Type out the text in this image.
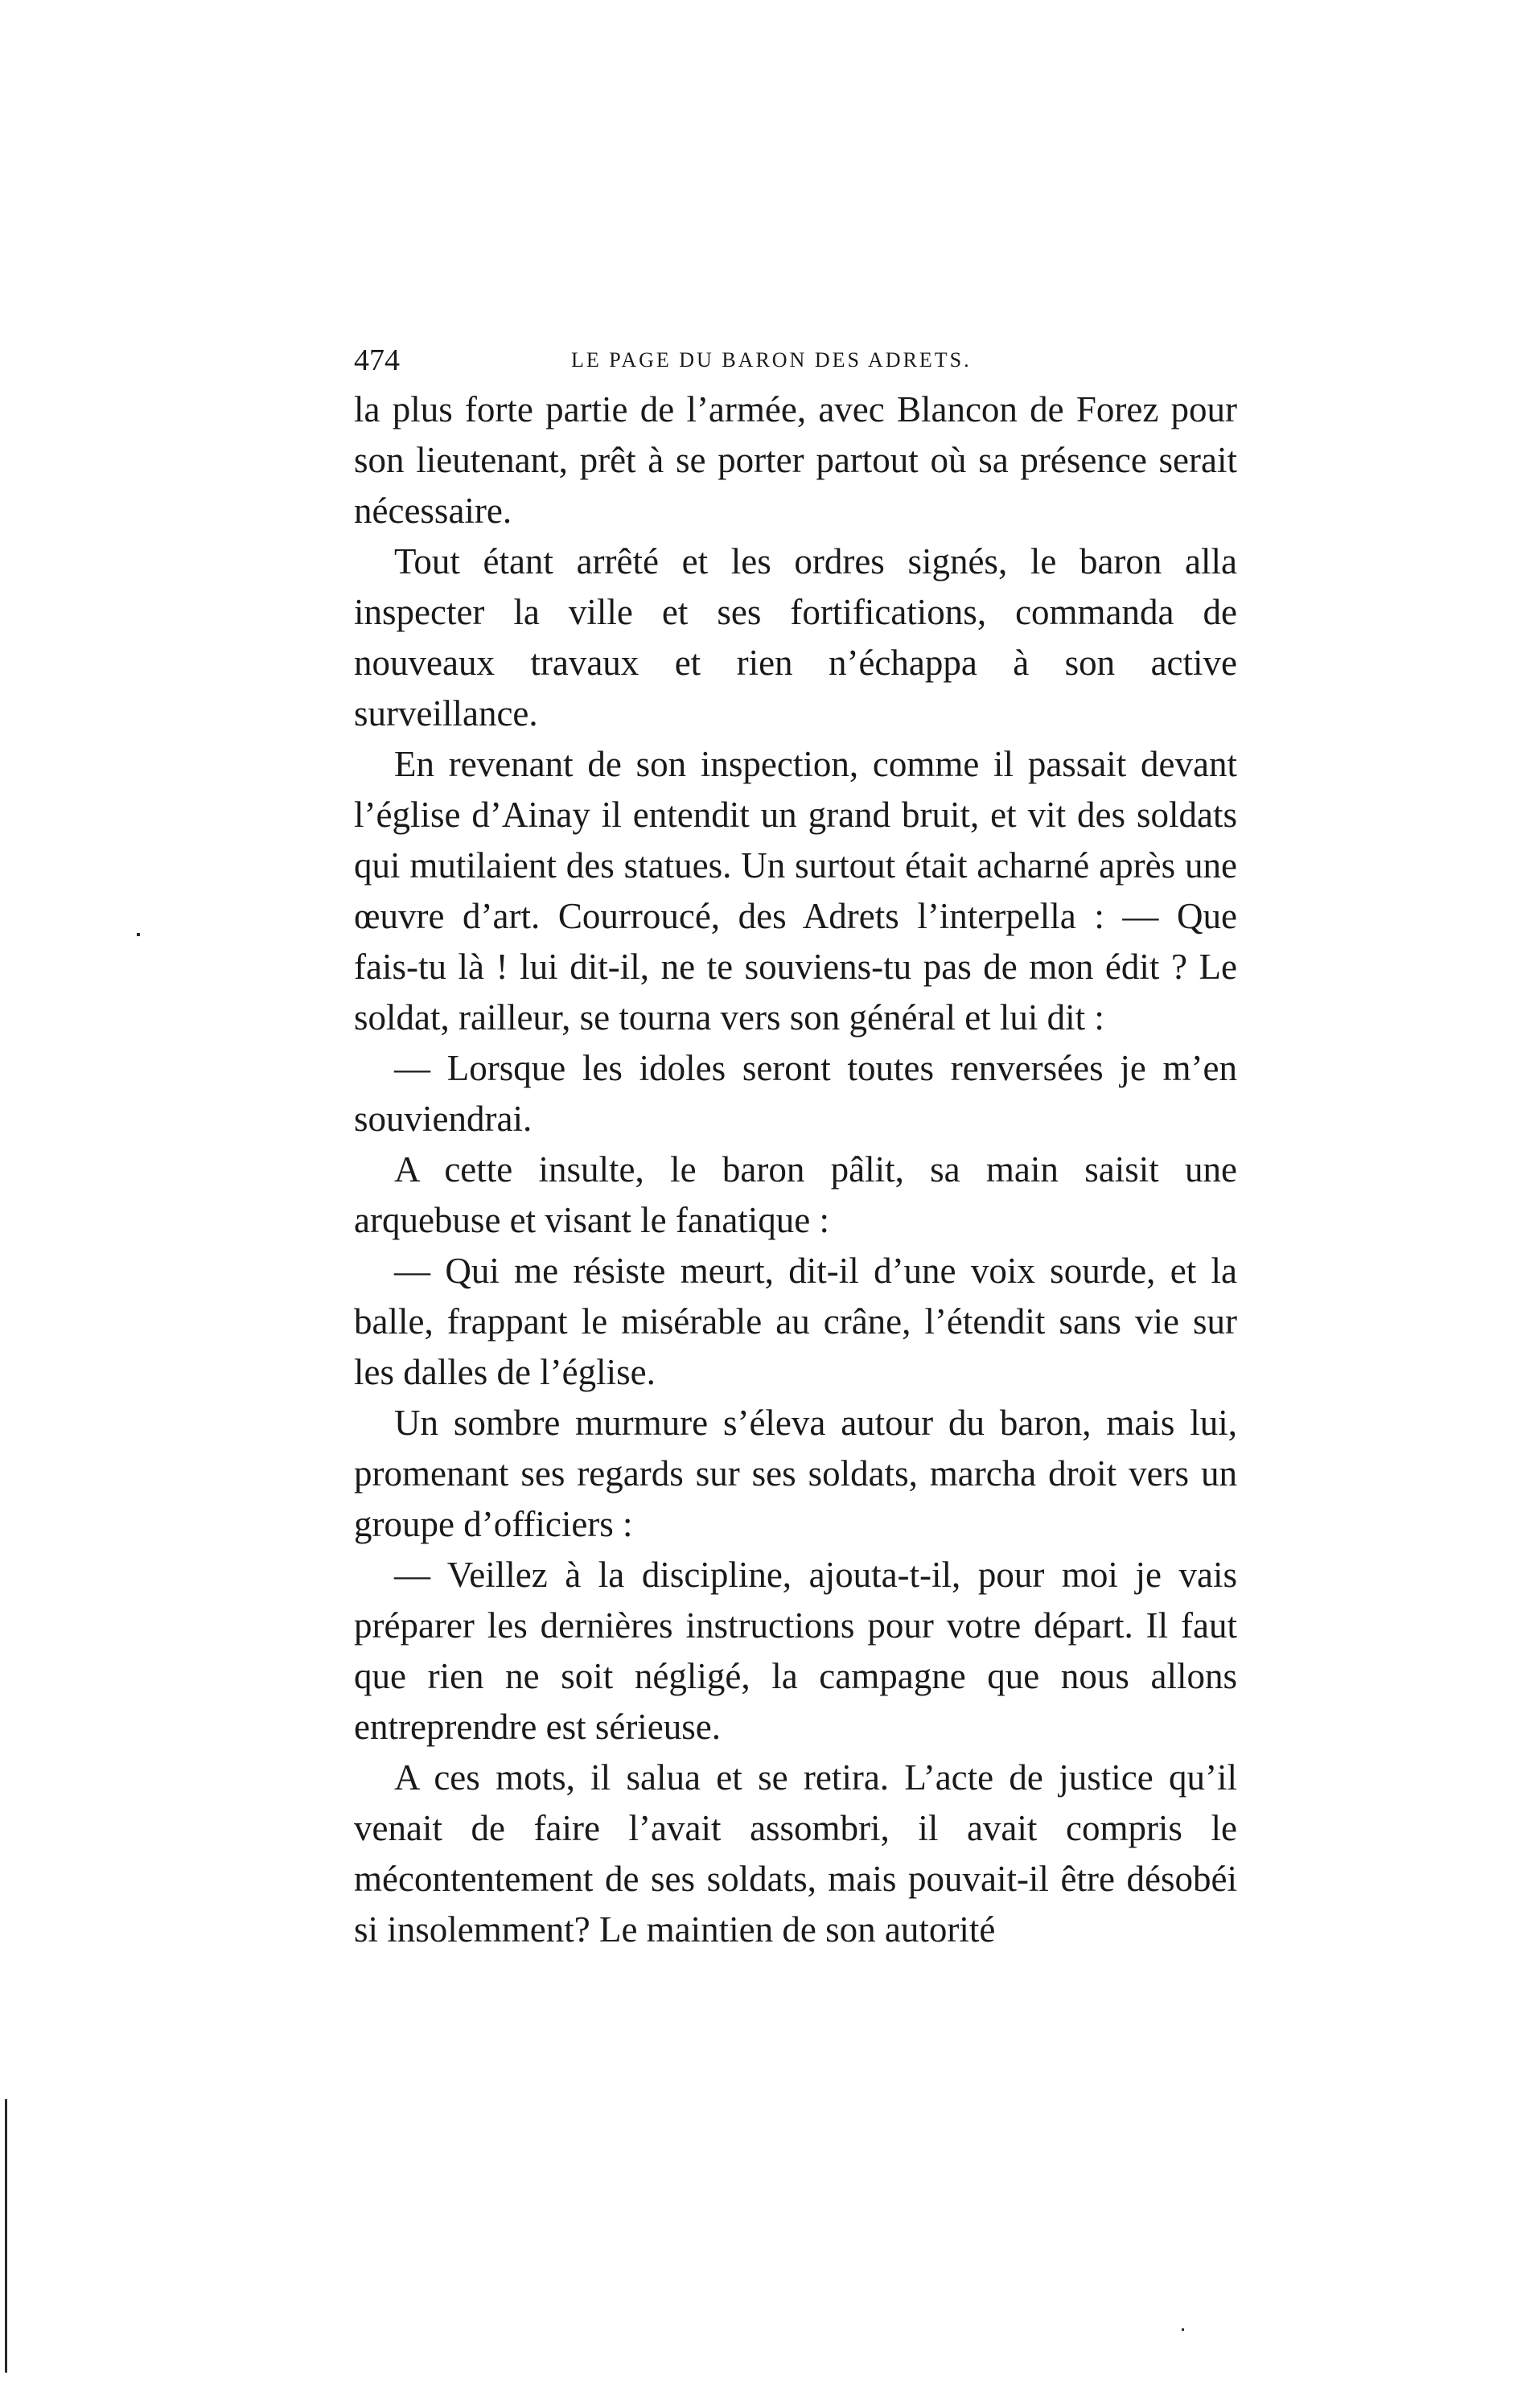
474	LE PAGE DU BARON DES ADRETS.

la plus forte partie de l’armée, avec Blancon de Forez pour son lieutenant, prêt à se porter partout où sa présence serait nécessaire.

Tout étant arrêté et les ordres signés, le baron alla inspecter la ville et ses fortifications, commanda de nouveaux travaux et rien n’échappa à son active surveillance.

En revenant de son inspection, comme il passait devant l’église d’Ainay il entendit un grand bruit, et vit des soldats qui mutilaient des statues. Un surtout était acharné après une œuvre d’art. Courroucé, des Adrets l’interpella : — Que fais-tu là ! lui dit-il, ne te souviens-tu pas de mon édit ? Le soldat, railleur, se tourna vers son général et lui dit :

— Lorsque les idoles seront toutes renversées je m’en souviendrai.

A cette insulte, le baron pâlit, sa main saisit une arquebuse et visant le fanatique :

— Qui me résiste meurt, dit-il d’une voix sourde, et la balle, frappant le misérable au crâne, l’étendit sans vie sur les dalles de l’église.

Un sombre murmure s’éleva autour du baron, mais lui, promenant ses regards sur ses soldats, marcha droit vers un groupe d’officiers :

— Veillez à la discipline, ajouta-t-il, pour moi je vais préparer les dernières instructions pour votre départ. Il faut que rien ne soit négligé, la campagne que nous allons entreprendre est sérieuse.

A ces mots, il salua et se retira. L’acte de justice qu’il venait de faire l’avait assombri, il avait compris le mécontentement de ses soldats, mais pouvait-il être désobéi si insolemment? Le maintien de son autorité
